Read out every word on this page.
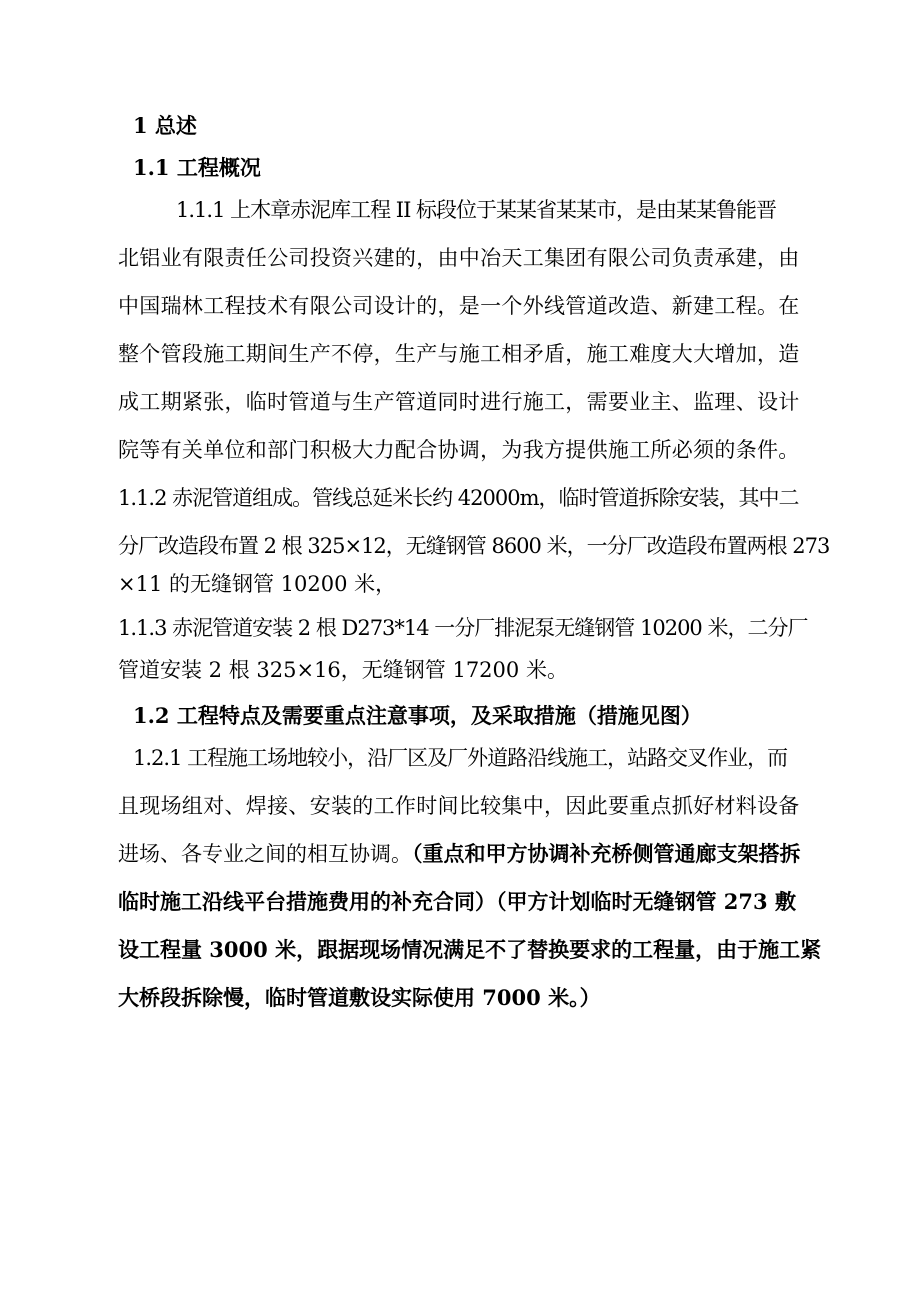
1 总述
1.1 工程概况
1.1.1 上木章赤泥库工程 II 标段位于某某省某某市，是由某某鲁能晋
北铝业有限责任公司投资兴建的，由中冶天工集团有限公司负责承建，由
中国瑞林工程技术有限公司设计的，是一个外线管道改造、新建工程。在
整个管段施工期间生产不停，生产与施工相矛盾，施工难度大大增加，造
成工期紧张，临时管道与生产管道同时进行施工，需要业主、监理、设计
院等有关单位和部门积极大力配合协调，为我方提供施工所必须的条件。
1.1.2 赤泥管道组成。管线总延米长约 42000m，临时管道拆除安装，其中二
分厂改造段布置 2 根 325×12，无缝钢管 8600 米，一分厂改造段布置两根 273
×11 的无缝钢管 10200 米，
1.1.3 赤泥管道安装 2 根 D273*14 一分厂排泥泵无缝钢管 10200 米，二分厂
管道安装 2 根 325×16，无缝钢管 17200 米。
1.2 工程特点及需要重点注意事项，及采取措施（措施见图）
1.2.1 工程施工场地较小，沿厂区及厂外道路沿线施工，站路交叉作业，而
且现场组对、焊接、安装的工作时间比较集中，因此要重点抓好材料设备
进场、各专业之间的相互协调。（重点和甲方协调补充桥侧管通廊支架搭拆
临时施工沿线平台措施费用的补充合同）（甲方计划临时无缝钢管 273 敷
设工程量 3000 米，跟据现场情况满足不了替换要求的工程量，由于施工紧
大桥段拆除慢，临时管道敷设实际使用 7000 米。）
